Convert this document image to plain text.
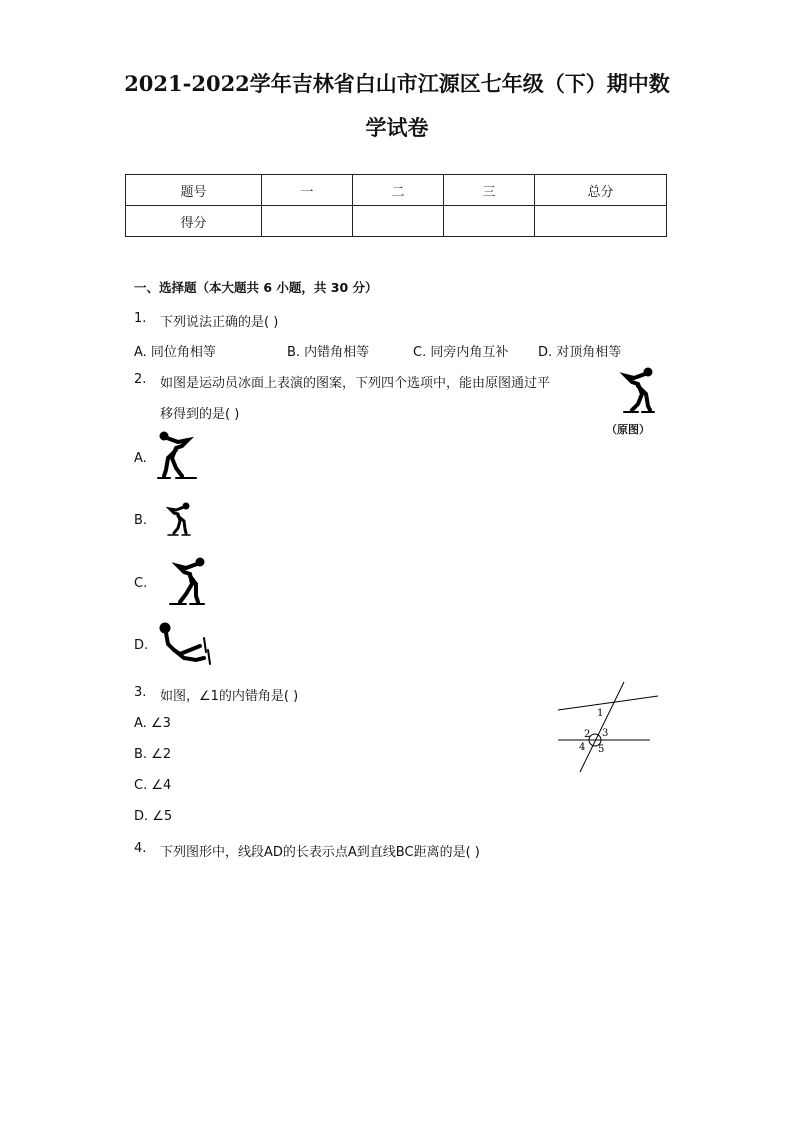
2021-2022学年吉林省白山市江源区七年级（下）期中数
学试卷
题号	一	二	三	总分
得分				
一、选择题（本大题共 6 小题，共 30 分）
1. 下列说法正确的是( )
A. 同位角相等	B. 内错角相等	C. 同旁内角互补 D. 对顶角相等
2. 如图是运动员冰面上表演的图案，下列四个选项中，能由原图通过平
移得到的是( )
（原图）
A.
B.
C.
D.
3. 如图，∠1的内错角是( )
A. ∠3
B. ∠2
C. ∠4
D. ∠5
1
2 3
4 5
4. 下列图形中，线段AD的长表示点A到直线BC距离的是( )
